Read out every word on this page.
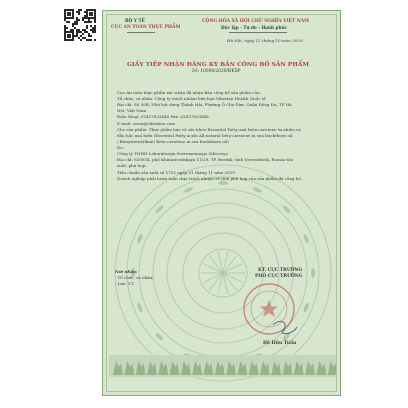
BỘ Y TẾ
CỤC AN TOÀN THỰC PHẨM
CỘNG HÒA XÃ HỘI CHỦ NGHĨA VIỆT NAM
Độc lập - Tự do - Hạnh phúc
Hà Nội, ngày 12 tháng 10 năm 2020
GIẤY TIẾP NHẬN ĐĂNG KÝ BẢN CÔNG BỐ SẢN PHẨM
Số: 10008/2020/ĐKSP
Cục An toàn thực phẩm xác nhận đã nhận Bản công bố sản phẩm của:
Tổ chức, cá nhân: Công ty trách nhiệm hữu hạn Siberian Health Quốc tế
Địa chỉ: Số 95B, Nhà hát dong Thành Hải, Phường Ô Chợ Dừa, Quận Đống Đa, TP Hà
Nội, Việt Nam
Điện thoại: 02437833848 Fax: 02437833848
E-mail: swvn@sibwaloo.com
Cho sản phẩm: Thực phẩm bảo vệ sức khỏe Essential Fatty axit beta-carotene tự nhiên và
dầu hắc mai biển (Essential Fatty acids All-natural beta-carotene in sea buckthorn oil
/ Biosyntesis(Ikan) Beta-carotene in sea buckthorn oil)
Do:
Công ty TNHH Laboratoriya Sovremennogo Zdorovya
Địa chỉ: 630054, phố Khimzavodskaya 11/20, TP. Berdsk, tỉnh Novosibirsk, Russia sản
xuất, phù hợp.
Tiêu chuẩn sản xuất số 1752 ngày 21 tháng 11 năm 2019
Doanh nghiệp phải hoàn toàn chịu trách nhiệm về tính phù hợp của sản phẩm đã công bố.
Nơi nhận:
- Tổ chức, cá nhân;
- Lưu: VT.
KT. CỤC TRƯỞNG
PHÓ CỤC TRƯỞNG
Đỗ Hữu Tuấn
